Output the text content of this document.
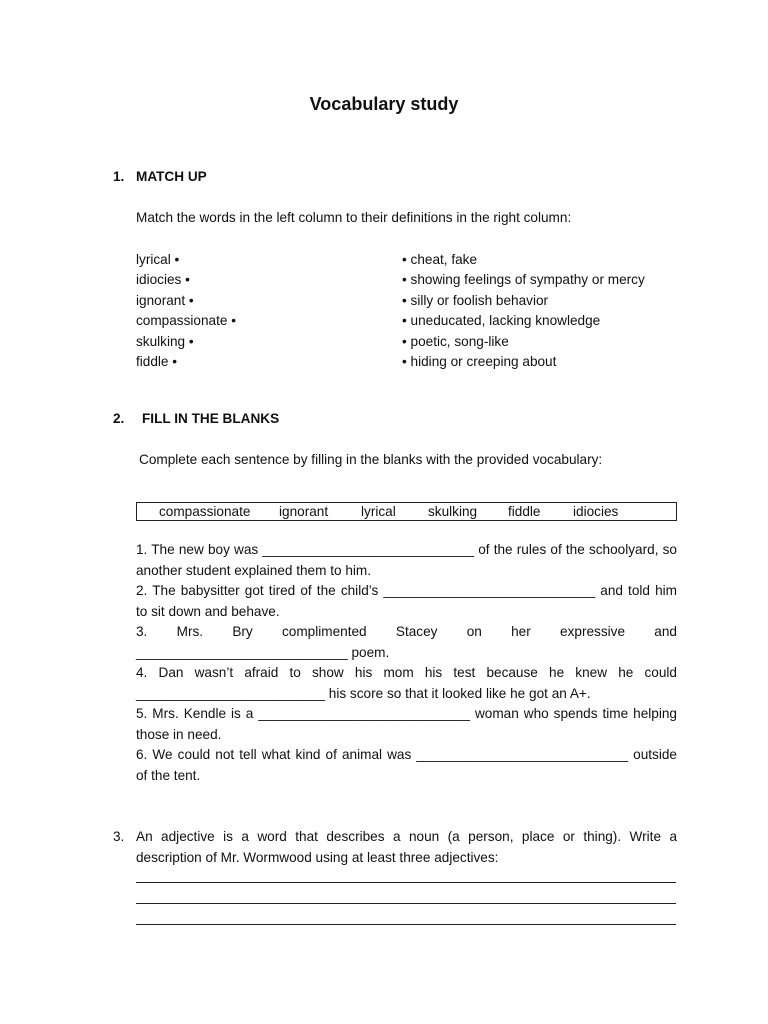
Vocabulary study
1. MATCH UP
Match the words in the left column to their definitions in the right column:
lyrical •
idiocies •
ignorant •
compassionate •
skulking •
fiddle •
• cheat, fake
• showing feelings of sympathy or mercy
• silly or foolish behavior
• uneducated, lacking knowledge
• poetic, song-like
• hiding or creeping about
2. FILL IN THE BLANKS
Complete each sentence by filling in the blanks with the provided vocabulary:
compassionate ignorant lyrical skulking fiddle idiocies
1. The new boy was ____________________________ of the rules of the schoolyard, so
another student explained them to him.
2. The babysitter got tired of the child’s ____________________________ and told him
to sit down and behave.
3. Mrs. Bry complimented Stacey on her expressive and
____________________________ poem.
4. Dan wasn’t afraid to show his mom his test because he knew he could
_________________________ his score so that it looked like he got an A+.
5. Mrs. Kendle is a ____________________________ woman who spends time helping
those in need.
6. We could not tell what kind of animal was ____________________________ outside
of the tent.
3. An adjective is a word that describes a noun (a person, place or thing). Write a
description of Mr. Wormwood using at least three adjectives:
